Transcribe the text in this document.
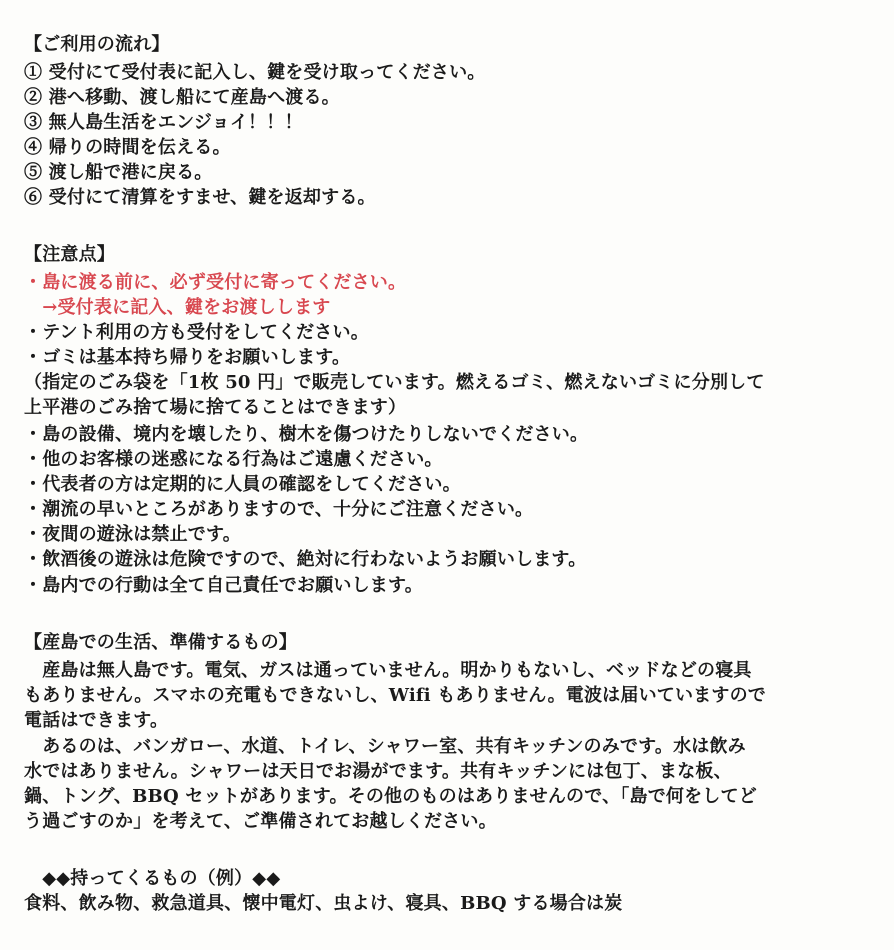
【ご利用の流れ】
① 受付にて受付表に記入し、鍵を受け取ってください。
② 港へ移動、渡し船にて産島へ渡る。
③ 無人島生活をエンジョイ！！！
④ 帰りの時間を伝える。
⑤ 渡し船で港に戻る。
⑥ 受付にて清算をすませ、鍵を返却する。
【注意点】
・島に渡る前に、必ず受付に寄ってください。
　→受付表に記入、鍵をお渡しします
・テント利用の方も受付をしてください。
・ゴミは基本持ち帰りをお願いします。
（指定のごみ袋を「1枚 50 円」で販売しています。燃えるゴミ、燃えないゴミに分別して
上平港のごみ捨て場に捨てることはできます）
・島の設備、境内を壊したり、樹木を傷つけたりしないでください。
・他のお客様の迷惑になる行為はご遠慮ください。
・代表者の方は定期的に人員の確認をしてください。
・潮流の早いところがありますので、十分にご注意ください。
・夜間の遊泳は禁止です。
・飲酒後の遊泳は危険ですので、絶対に行わないようお願いします。
・島内での行動は全て自己責任でお願いします。
【産島での生活、準備するもの】
　産島は無人島です。電気、ガスは通っていません。明かりもないし、ベッドなどの寝具
もありません。スマホの充電もできないし、Wifi もありません。電波は届いていますので
電話はできます。
　あるのは、バンガロー、水道、トイレ、シャワー室、共有キッチンのみです。水は飲み
水ではありません。シャワーは天日でお湯がでます。共有キッチンには包丁、まな板、
鍋、トング、BBQ セットがあります。その他のものはありませんので、「島で何をしてど
う過ごすのか」を考えて、ご準備されてお越しください。
　◆◆持ってくるもの（例）◆◆
食料、飲み物、救急道具、懐中電灯、虫よけ、寝具、BBQ する場合は炭
